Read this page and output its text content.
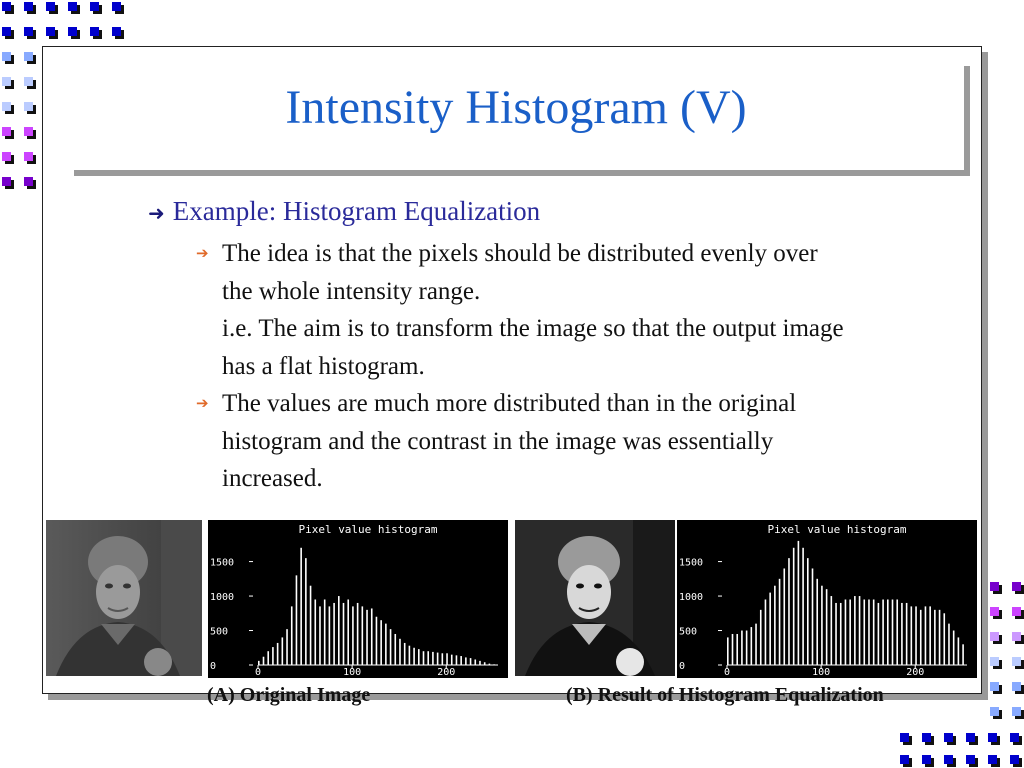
Intensity Histogram (V)
➜ Example: Histogram Equalization
➔ The idea is that the pixels should be distributed evenly over
the whole intensity range.
i.e. The aim is to transform the image so that the output image
has a flat histogram.
➔ The values are much more distributed than in the original
histogram and the contrast in the image was essentially
increased.
Pixel value histogram
0
500
1000
1500
0	100	200
Pixel value histogram
0
500
1000
1500
0	100	200
(A) Original Image	(B) Result of Histogram Equalization
